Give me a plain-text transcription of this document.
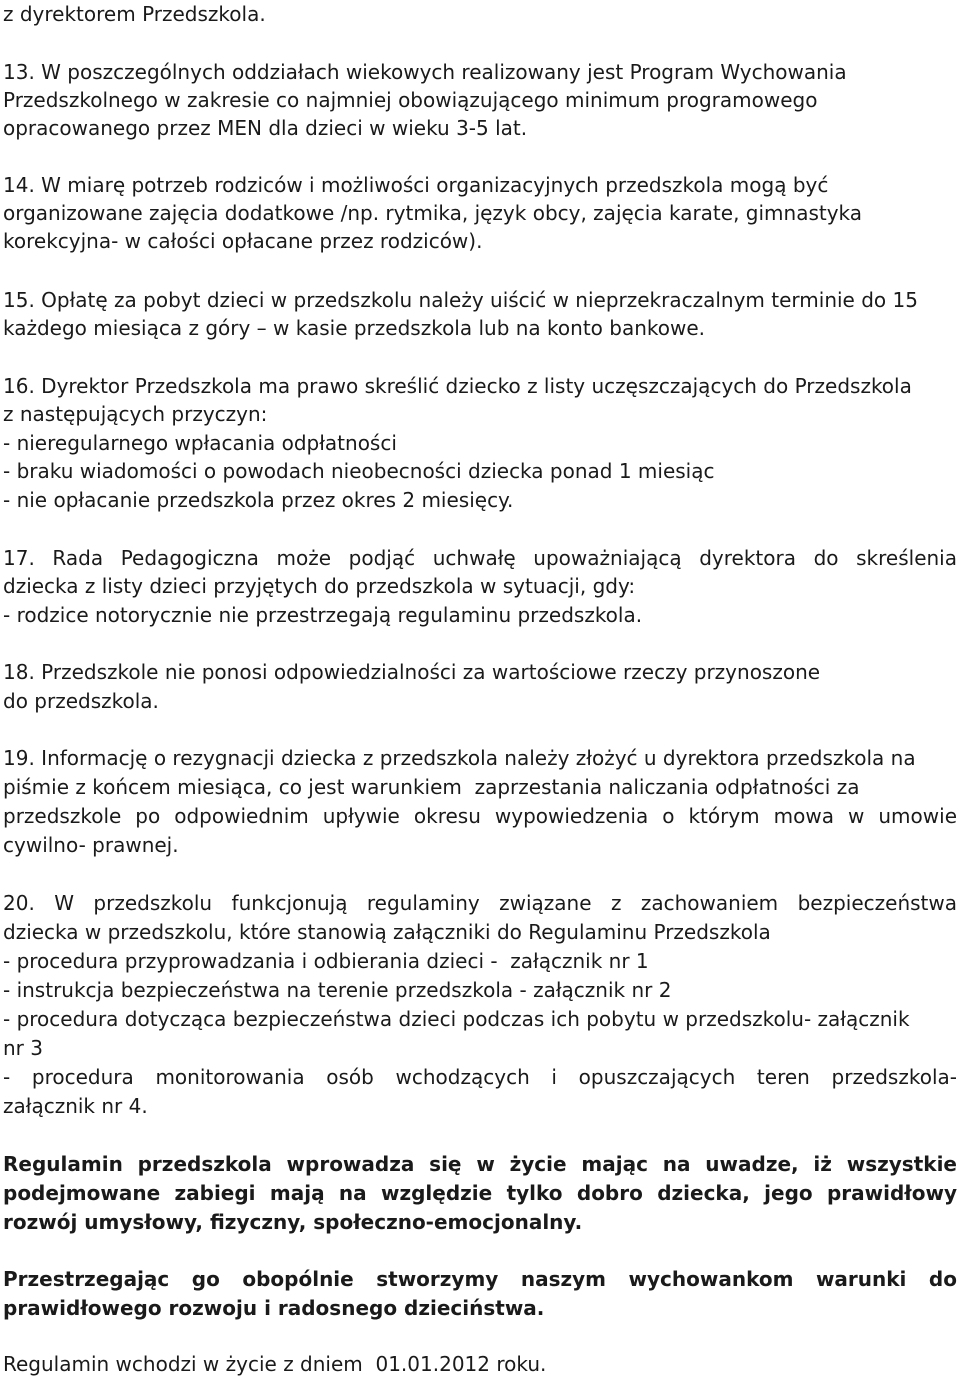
z dyrektorem Przedszkola.
13. W poszczególnych oddziałach wiekowych realizowany jest Program Wychowania
Przedszkolnego w zakresie co najmniej obowiązującego minimum programowego
opracowanego przez MEN dla dzieci w wieku 3-5 lat.
14. W miarę potrzeb rodziców i możliwości organizacyjnych przedszkola mogą być
organizowane zajęcia dodatkowe /np. rytmika, język obcy, zajęcia karate, gimnastyka
korekcyjna- w całości opłacane przez rodziców).
15. Opłatę za pobyt dzieci w przedszkolu należy uiścić w nieprzekraczalnym terminie do 15
każdego miesiąca z góry – w kasie przedszkola lub na konto bankowe.
16. Dyrektor Przedszkola ma prawo skreślić dziecko z listy uczęszczających do Przedszkola
z następujących przyczyn:
- nieregularnego wpłacania odpłatności
- braku wiadomości o powodach nieobecności dziecka ponad 1 miesiąc
- nie opłacanie przedszkola przez okres 2 miesięcy.
17. Rada Pedagogiczna może podjąć uchwałę upoważniającą dyrektora do skreślenia
dziecka z listy dzieci przyjętych do przedszkola w sytuacji, gdy:
- rodzice notorycznie nie przestrzegają regulaminu przedszkola.
18. Przedszkole nie ponosi odpowiedzialności za wartościowe rzeczy przynoszone
do przedszkola.
19. Informację o rezygnacji dziecka z przedszkola należy złożyć u dyrektora przedszkola na
piśmie z końcem miesiąca, co jest warunkiem  zaprzestania naliczania odpłatności za
przedszkole po odpowiednim upływie okresu wypowiedzenia o którym mowa w umowie
cywilno- prawnej.
20. W przedszkolu funkcjonują regulaminy związane z zachowaniem bezpieczeństwa
dziecka w przedszkolu, które stanowią załączniki do Regulaminu Przedszkola
- procedura przyprowadzania i odbierania dzieci -  załącznik nr 1
- instrukcja bezpieczeństwa na terenie przedszkola - załącznik nr 2
- procedura dotycząca bezpieczeństwa dzieci podczas ich pobytu w przedszkolu- załącznik
nr 3
- procedura monitorowania osób wchodzących i opuszczających teren przedszkola-
załącznik nr 4.
Regulamin przedszkola wprowadza się w życie mając na uwadze, iż wszystkie
podejmowane zabiegi mają na względzie tylko dobro dziecka, jego prawidłowy
rozwój umysłowy, fizyczny, społeczno-emocjonalny.
Przestrzegając go obopólnie stworzymy naszym wychowankom warunki do
prawidłowego rozwoju i radosnego dzieciństwa.
Regulamin wchodzi w życie z dniem  01.01.2012 roku.
